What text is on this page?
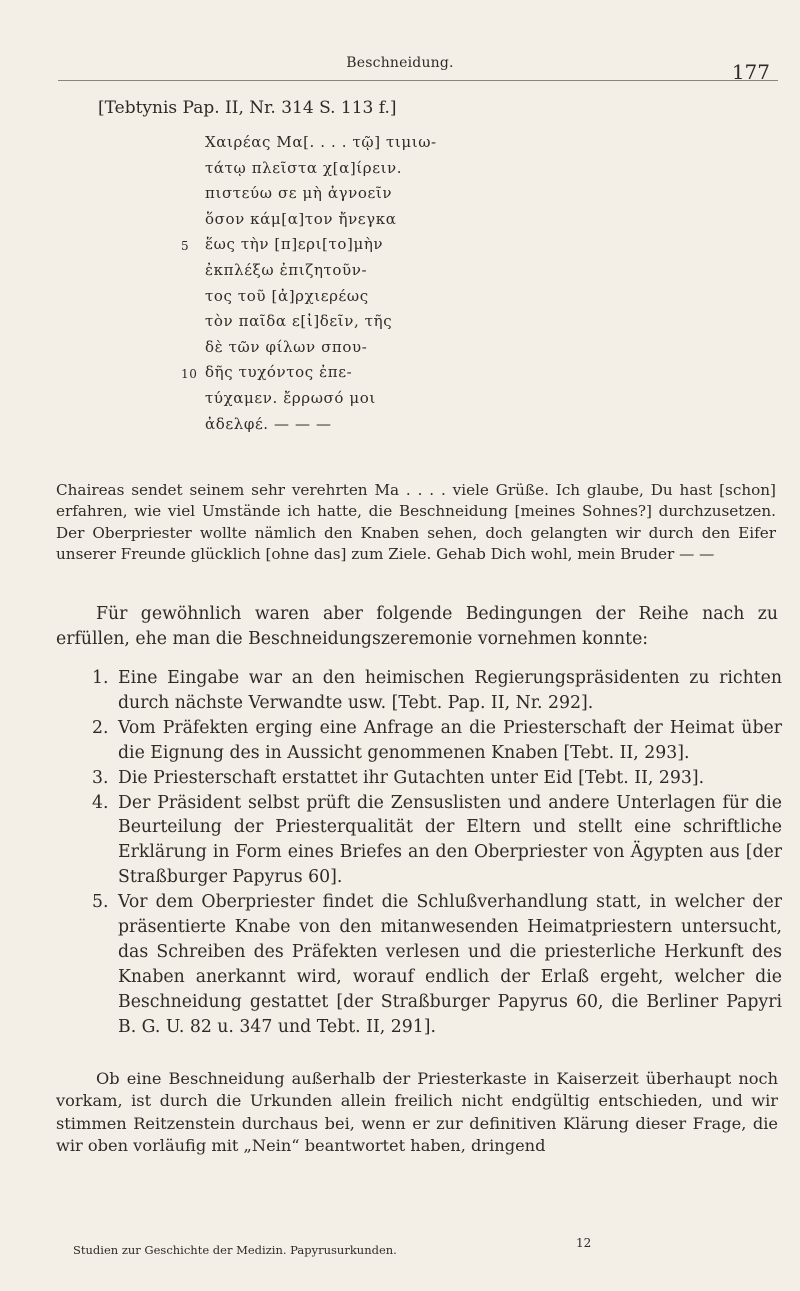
Beschneidung.	177
[Tebtynis Pap. II, Nr. 314 S. 113 f.]
Χαιρέας Μα[. . . . τῷ] τιμιω-
τάτῳ πλεῖστα χ[α]ίρειν.
πιστεύω σε μὴ ἀγνοεῖν
ὅσον κάμ[α]τον ἤνεγκα
5 ἕως τὴν [π]ερι[το]μὴν
ἐκπλέξω ἐπιζητοῦν-
τος τοῦ [ἀ]ρχιερέως
τὸν παῖδα ε[ἰ]δεῖν, τῆς
δὲ τῶν φίλων σπου-
10 δῆς τυχόντος ἐπε-
τύχαμεν. ἔρρωσό μοι
ἀδελφέ. — — —

Chaireas sendet seinem sehr verehrten Ma . . . . viele Grüße. Ich glaube, Du hast [schon] erfahren, wie viel Umstände ich hatte, die Beschneidung [meines Sohnes?] durchzusetzen. Der Oberpriester wollte nämlich den Knaben sehen, doch gelangten wir durch den Eifer unserer Freunde glücklich [ohne das] zum Ziele. Gehab Dich wohl, mein Bruder — —

Für gewöhnlich waren aber folgende Bedingungen der Reihe nach zu erfüllen, ehe man die Beschneidungszeremonie vornehmen konnte:

1. Eine Eingabe war an den heimischen Regierungspräsidenten zu richten durch nächste Verwandte usw. [Tebt. Pap. II, Nr. 292].
2. Vom Präfekten erging eine Anfrage an die Priesterschaft der Heimat über die Eignung des in Aussicht genommenen Knaben [Tebt. II, 293].
3. Die Priesterschaft erstattet ihr Gutachten unter Eid [Tebt. II, 293].
4. Der Präsident selbst prüft die Zensuslisten und andere Unterlagen für die Beurteilung der Priesterqualität der Eltern und stellt eine schriftliche Erklärung in Form eines Briefes an den Oberpriester von Ägypten aus [der Straßburger Papyrus 60].
5. Vor dem Oberpriester findet die Schlußverhandlung statt, in welcher der präsentierte Knabe von den mitanwesenden Heimatpriestern untersucht, das Schreiben des Präfekten verlesen und die priesterliche Herkunft des Knaben anerkannt wird, worauf endlich der Erlaß ergeht, welcher die Beschneidung gestattet [der Straßburger Papyrus 60, die Berliner Papyri B. G. U. 82 u. 347 und Tebt. II, 291].

Ob eine Beschneidung außerhalb der Priesterkaste in Kaiserzeit überhaupt noch vorkam, ist durch die Urkunden allein freilich nicht endgültig entschieden, und wir stimmen Reitzenstein durchaus bei, wenn er zur definitiven Klärung dieser Frage, die wir oben vorläufig mit „Nein“ beantwortet haben, dringend

Studien zur Geschichte der Medizin. Papyrusurkunden.	12
